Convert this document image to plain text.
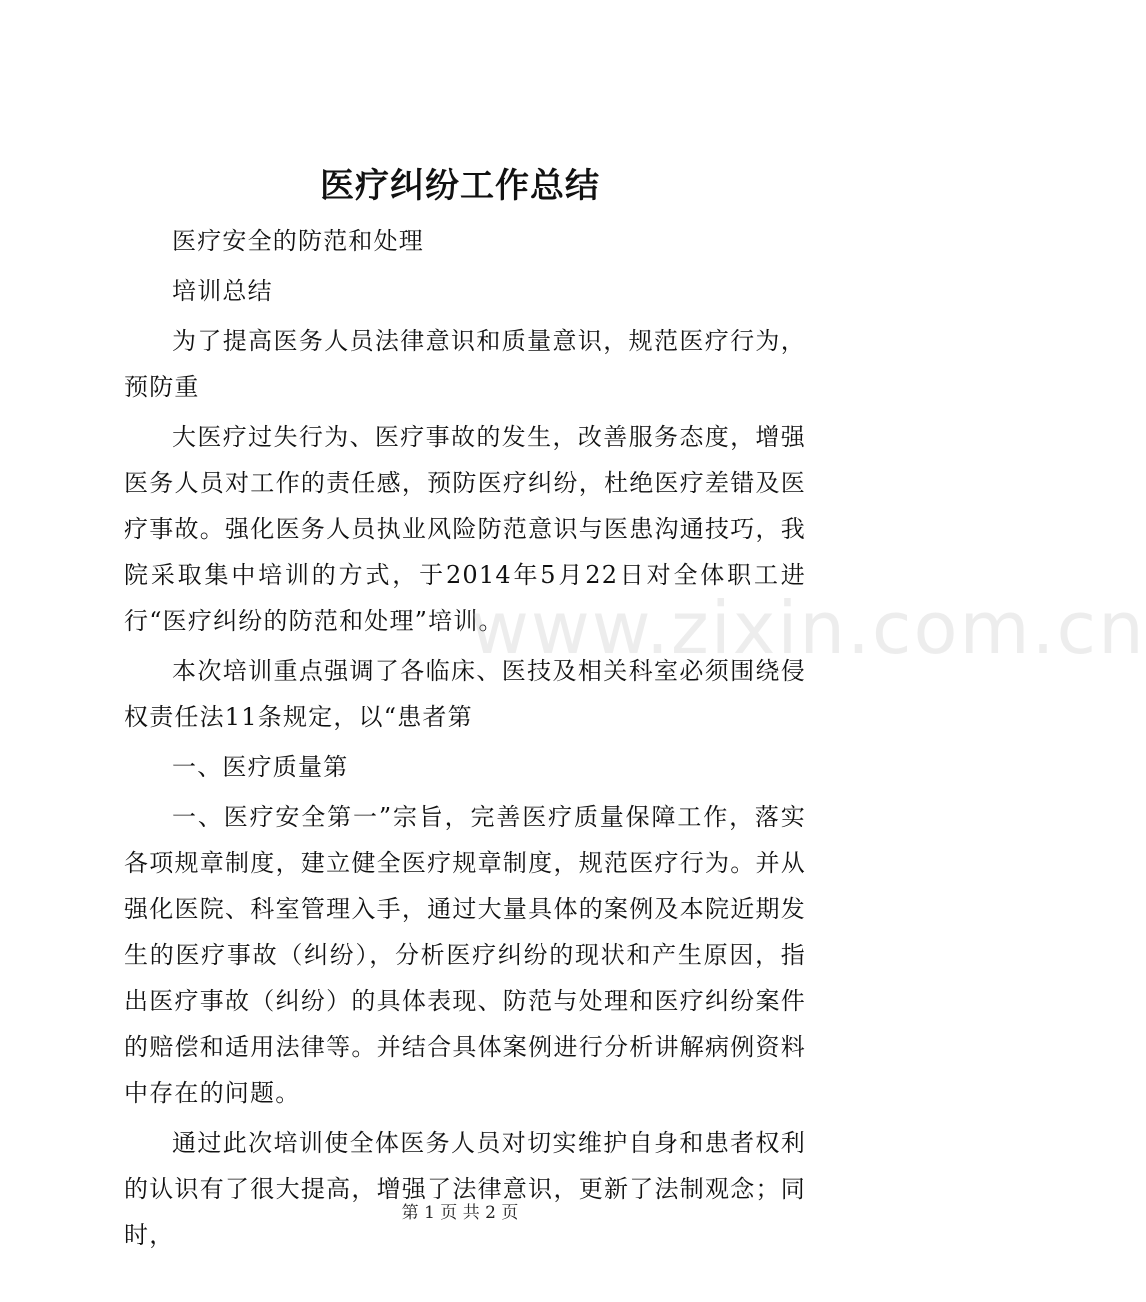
医疗纠纷工作总结

医疗安全的防范和处理

培训总结

为了提高医务人员法律意识和质量意识，规范医疗行为，预防重

大医疗过失行为、医疗事故的发生，改善服务态度，增强医务人员对工作的责任感，预防医疗纠纷，杜绝医疗差错及医疗事故。强化医务人员执业风险防范意识与医患沟通技巧，我院采取集中培训的方式，于2014年5月22日对全体职工进行“医疗纠纷的防范和处理”培训。

本次培训重点强调了各临床、医技及相关科室必须围绕侵权责任法11条规定，以“患者第

一、医疗质量第

一、医疗安全第一”宗旨，完善医疗质量保障工作，落实各项规章制度，建立健全医疗规章制度，规范医疗行为。并从强化医院、科室管理入手，通过大量具体的案例及本院近期发生的医疗事故（纠纷），分析医疗纠纷的现状和产生原因，指出医疗事故（纠纷）的具体表现、防范与处理和医疗纠纷案件的赔偿和适用法律等。并结合具体案例进行分析讲解病例资料中存在的问题。

通过此次培训使全体医务人员对切实维护自身和患者权利的认识有了很大提高，增强了法律意识，更新了法制观念；同时，

www.zixin.com.cn
第 1 页 共 2 页
